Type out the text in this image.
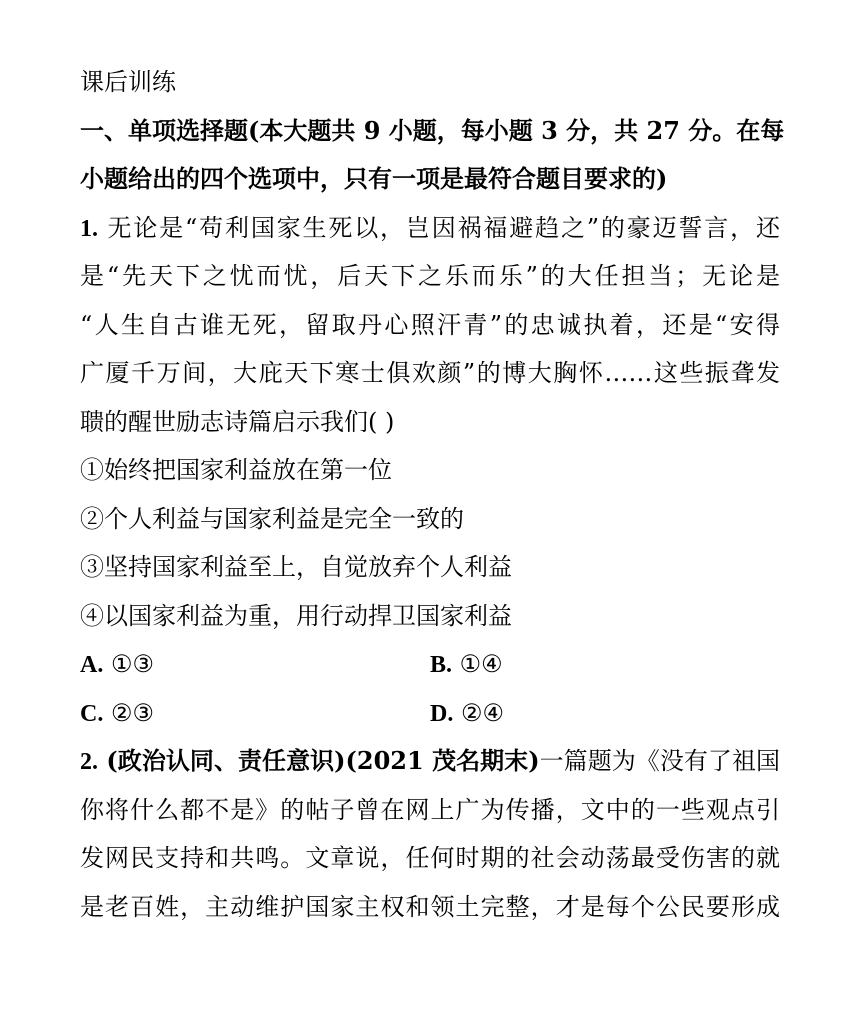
课后训练
一、单项选择题(本大题共 9 小题，每小题 3 分，共 27 分。在每
小题给出的四个选项中，只有一项是最符合题目要求的)
1. 无论是“苟利国家生死以，岂因祸福避趋之”的豪迈誓言，还
是“先天下之忧而忧，后天下之乐而乐”的大任担当；无论是
“人生自古谁无死，留取丹心照汗青”的忠诚执着，还是“安得
广厦千万间，大庇天下寒士俱欢颜”的博大胸怀……这些振聋发
聩的醒世励志诗篇启示我们( )
①始终把国家利益放在第一位
②个人利益与国家利益是完全一致的
③坚持国家利益至上，自觉放弃个人利益
④以国家利益为重，用行动捍卫国家利益
A. ①③	B. ①④
C. ②③	D. ②④
2. (政治认同、责任意识)(2021 茂名期末)一篇题为《没有了祖国
你将什么都不是》的帖子曾在网上广为传播，文中的一些观点引
发网民支持和共鸣。文章说，任何时期的社会动荡最受伤害的就
是老百姓，主动维护国家主权和领土完整，才是每个公民要形成
